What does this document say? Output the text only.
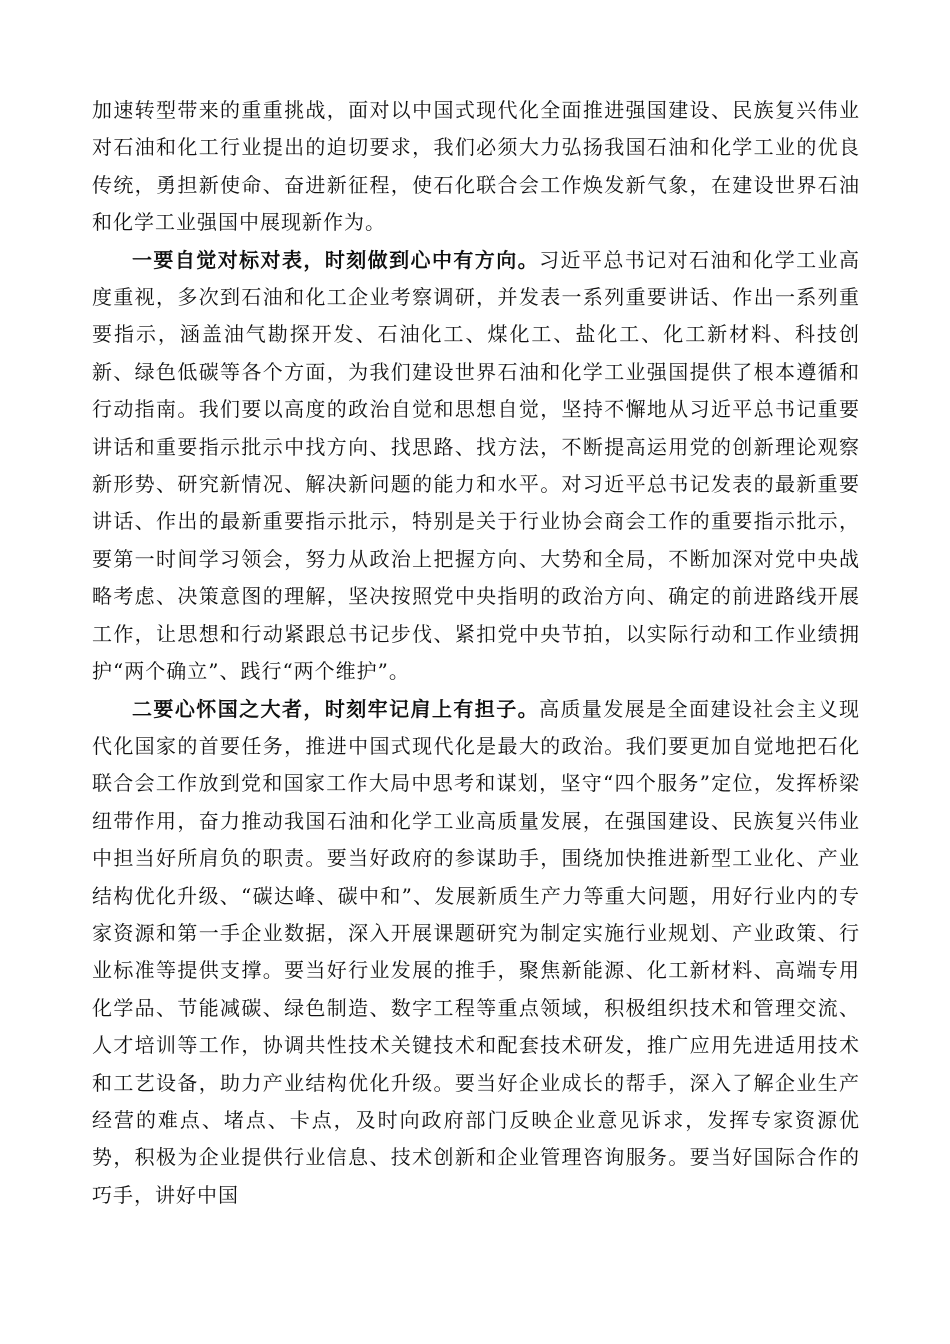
加速转型带来的重重挑战，面对以中国式现代化全面推进强国建设、民族复兴伟业对石油和化工行业提出的迫切要求，我们必须大力弘扬我国石油和化学工业的优良传统，勇担新使命、奋进新征程，使石化联合会工作焕发新气象，在建设世界石油和化学工业强国中展现新作为。

一要自觉对标对表，时刻做到心中有方向。习近平总书记对石油和化学工业高度重视，多次到石油和化工企业考察调研，并发表一系列重要讲话、作出一系列重要指示，涵盖油气勘探开发、石油化工、煤化工、盐化工、化工新材料、科技创新、绿色低碳等各个方面，为我们建设世界石油和化学工业强国提供了根本遵循和行动指南。我们要以高度的政治自觉和思想自觉，坚持不懈地从习近平总书记重要讲话和重要指示批示中找方向、找思路、找方法，不断提高运用党的创新理论观察新形势、研究新情况、解决新问题的能力和水平。对习近平总书记发表的最新重要讲话、作出的最新重要指示批示，特别是关于行业协会商会工作的重要指示批示，要第一时间学习领会，努力从政治上把握方向、大势和全局，不断加深对党中央战略考虑、决策意图的理解，坚决按照党中央指明的政治方向、确定的前进路线开展工作，让思想和行动紧跟总书记步伐、紧扣党中央节拍，以实际行动和工作业绩拥护“两个确立”、践行“两个维护”。

二要心怀国之大者，时刻牢记肩上有担子。高质量发展是全面建设社会主义现代化国家的首要任务，推进中国式现代化是最大的政治。我们要更加自觉地把石化联合会工作放到党和国家工作大局中思考和谋划，坚守“四个服务”定位，发挥桥梁纽带作用，奋力推动我国石油和化学工业高质量发展，在强国建设、民族复兴伟业中担当好所肩负的职责。要当好政府的参谋助手，围绕加快推进新型工业化、产业结构优化升级、“碳达峰、碳中和”、发展新质生产力等重大问题，用好行业内的专家资源和第一手企业数据，深入开展课题研究为制定实施行业规划、产业政策、行业标准等提供支撑。要当好行业发展的推手，聚焦新能源、化工新材料、高端专用化学品、节能减碳、绿色制造、数字工程等重点领域，积极组织技术和管理交流、人才培训等工作，协调共性技术关键技术和配套技术研发，推广应用先进适用技术和工艺设备，助力产业结构优化升级。要当好企业成长的帮手，深入了解企业生产经营的难点、堵点、卡点，及时向政府部门反映企业意见诉求，发挥专家资源优势，积极为企业提供行业信息、技术创新和企业管理咨询服务。要当好国际合作的巧手，讲好中国
